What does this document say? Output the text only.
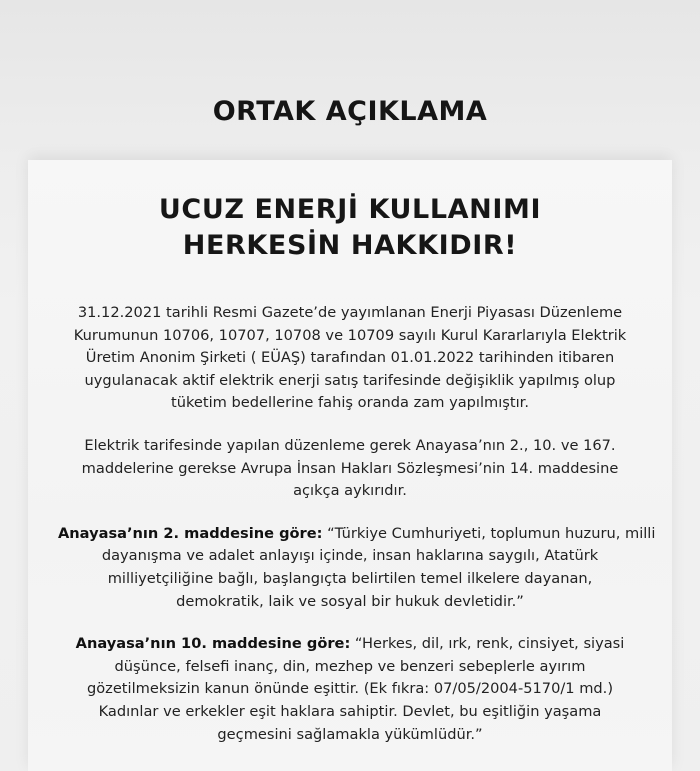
ORTAK AÇIKLAMA
UCUZ ENERJİ KULLANIMI
HERKESİN HAKKIDIR!

31.12.2021 tarihli Resmi Gazete’de yayımlanan Enerji Piyasası Düzenleme
Kurumunun 10706, 10707, 10708 ve 10709 sayılı Kurul Kararlarıyla Elektrik
Üretim Anonim Şirketi ( EÜAŞ) tarafından 01.01.2022 tarihinden itibaren
uygulanacak aktif elektrik enerji satış tarifesinde değişiklik yapılmış olup
tüketim bedellerine fahiş oranda zam yapılmıştır.

Elektrik tarifesinde yapılan düzenleme gerek Anayasa’nın 2., 10. ve 167.
maddelerine gerekse Avrupa İnsan Hakları Sözleşmesi’nin 14. maddesine
açıkça aykırıdır.

Anayasa’nın 2. maddesine göre: “Türkiye Cumhuriyeti, toplumun huzuru, milli
dayanışma ve adalet anlayışı içinde, insan haklarına saygılı, Atatürk
milliyetçiliğine bağlı, başlangıçta belirtilen temel ilkelere dayanan,
demokratik, laik ve sosyal bir hukuk devletidir.”

Anayasa’nın 10. maddesine göre: “Herkes, dil, ırk, renk, cinsiyet, siyasi
düşünce, felsefi inanç, din, mezhep ve benzeri sebeplerle ayırım
gözetilmeksizin kanun önünde eşittir. (Ek fıkra: 07/05/2004-5170/1 md.)
Kadınlar ve erkekler eşit haklara sahiptir. Devlet, bu eşitliğin yaşama
geçmesini sağlamakla yükümlüdür.”
